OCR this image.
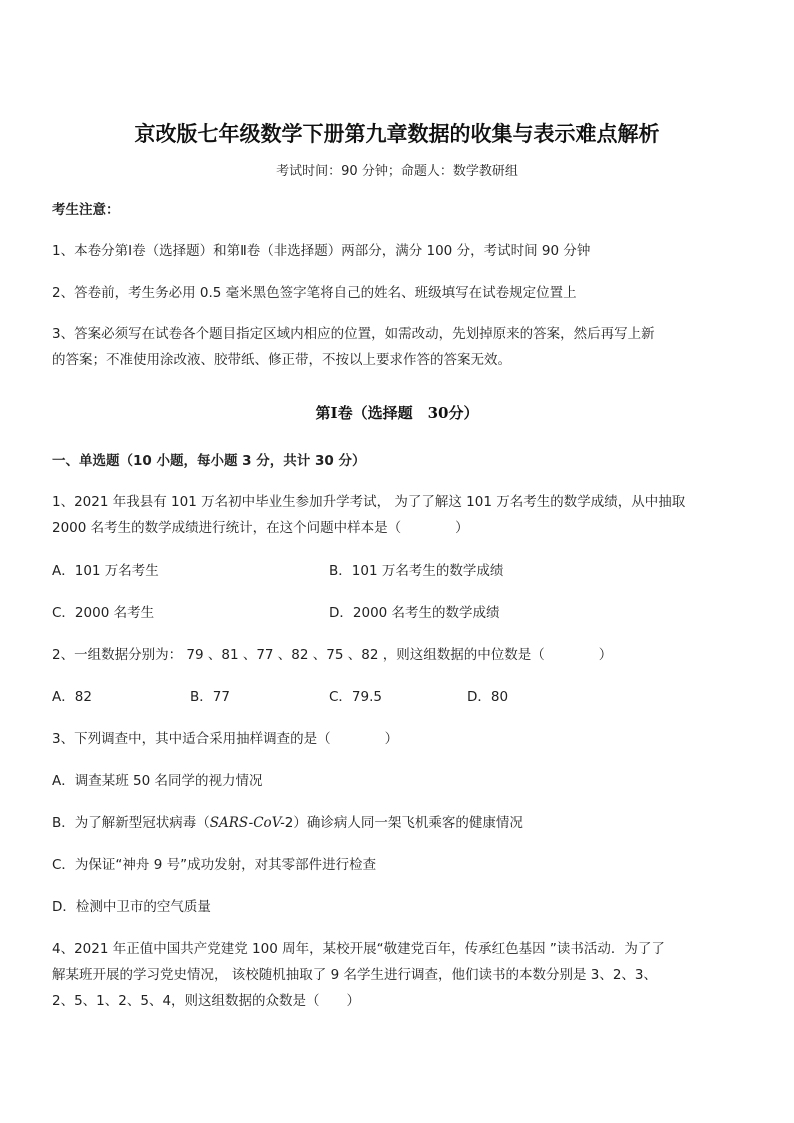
京改版七年级数学下册第九章数据的收集与表示难点解析
考试时间：90 分钟；命题人：数学教研组
考生注意：
1、本卷分第Ⅰ卷（选择题）和第Ⅱ卷（非选择题）两部分，满分 100 分，考试时间 90 分钟
2、答卷前，考生务必用 0.5 毫米黑色签字笔将自己的姓名、班级填写在试卷规定位置上
3、答案必须写在试卷各个题目指定区域内相应的位置，如需改动，先划掉原来的答案，然后再写上新
的答案；不准使用涂改液、胶带纸、修正带，不按以上要求作答的答案无效。
第Ⅰ卷（选择题　30分）
一、单选题（10 小题，每小题 3 分，共计 30 分）
1、2021 年我县有 101 万名初中毕业生参加升学考试， 为了了解这 101 万名考生的数学成绩，从中抽取
2000 名考生的数学成绩进行统计，在这个问题中样本是（　　　　）
A．101 万名考生	B．101 万名考生的数学成绩
C．2000 名考生	D．2000 名考生的数学成绩
2、一组数据分别为： 79 、81 、77 、82 、75 、82 ，则这组数据的中位数是（　　　　）
A．82	B．77	C．79.5	D．80
3、下列调查中，其中适合采用抽样调查的是（　　　　）
A．调查某班 50 名同学的视力情况
B．为了解新型冠状病毒（SARS-CoV-2）确诊病人同一架飞机乘客的健康情况
C．为保证“神舟 9 号”成功发射，对其零部件进行检查
D．检测中卫市的空气质量
4、2021 年正值中国共产党建党 100 周年，某校开展“敬建党百年，传承红色基因 ”读书活动．为了了
解某班开展的学习党史情况， 该校随机抽取了 9 名学生进行调查，他们读书的本数分别是 3、2、3、
2、5、1、2、5、4，则这组数据的众数是（　　）
